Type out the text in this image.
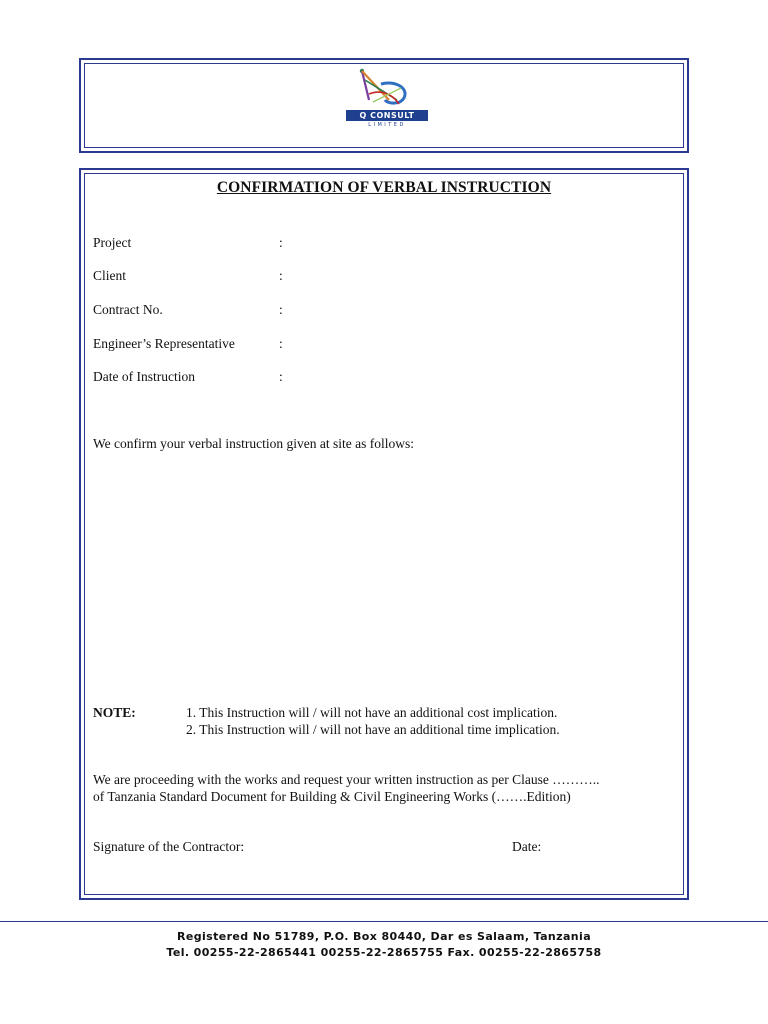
Q CONSULT
LIMITED
CONFIRMATION OF VERBAL INSTRUCTION
Project	:
Client	:
Contract No.	:
Engineer’s Representative	:
Date of Instruction	:
We confirm your verbal instruction given at site as follows:
NOTE:	1. This Instruction will / will not have an additional cost implication.
2. This Instruction will / will not have an additional time implication.
We are proceeding with the works and request your written instruction as per Clause ………..
of Tanzania Standard Document for Building & Civil Engineering Works (…….Edition)
Signature of the Contractor:	Date:
Registered No 51789, P.O. Box 80440, Dar es Salaam, Tanzania
Tel. 00255-22-2865441 00255-22-2865755 Fax. 00255-22-2865758
